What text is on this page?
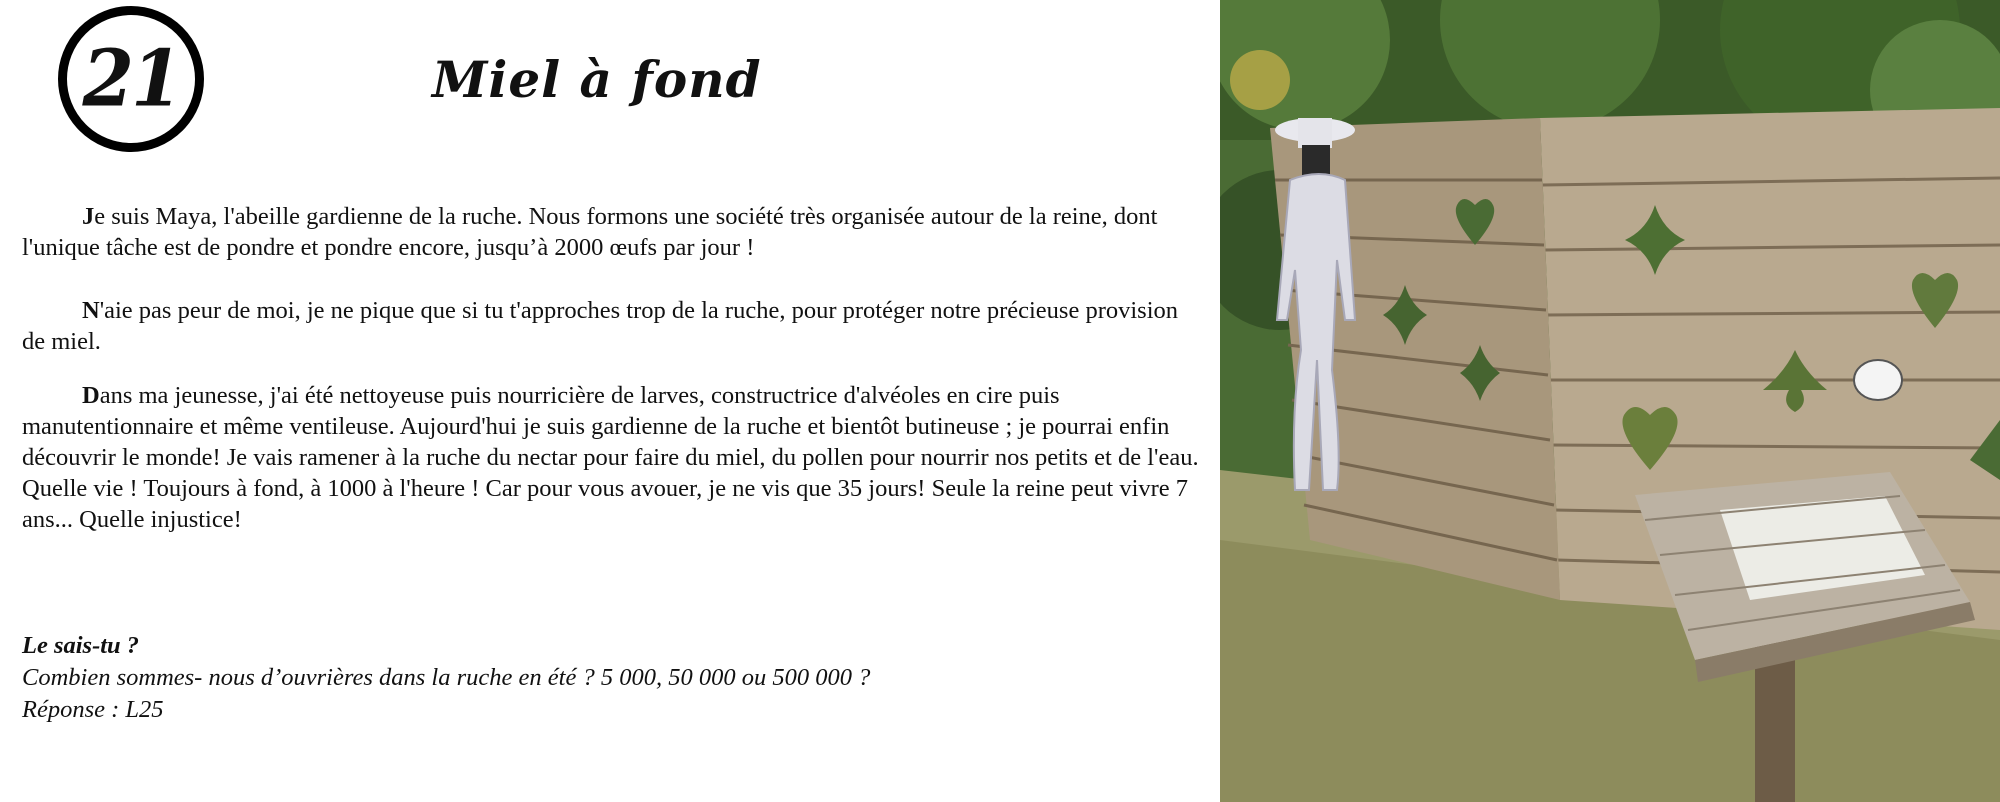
21	Miel à fond

Je suis Maya, l'abeille gardienne de la ruche. Nous formons une société très organisée autour de la reine, dont l'unique tâche est de pondre et pondre encore, jusqu’à 2000 œufs par jour !

N'aie pas peur de moi, je ne pique que si tu t'approches trop de la ruche, pour protéger notre précieuse provision de miel.

Dans ma jeunesse, j'ai été nettoyeuse puis nourricière de larves, constructrice d'alvéoles en cire puis manutentionnaire et même ventileuse. Aujourd'hui je suis gardienne de la ruche et bientôt butineuse ; je pourrai enfin découvrir le monde! Je vais ramener à la ruche du nectar pour faire du miel, du pollen pour nourrir nos petits et de l'eau. Quelle vie ! Toujours à fond, à 1000 à l'heure ! Car pour vous avouer, je ne vis que 35 jours! Seule la reine peut vivre 7 ans... Quelle injustice!

Le sais-tu ?
Combien sommes- nous d’ouvrières dans la ruche en été ? 5 000, 50 000 ou 500 000 ?
Réponse : L25
